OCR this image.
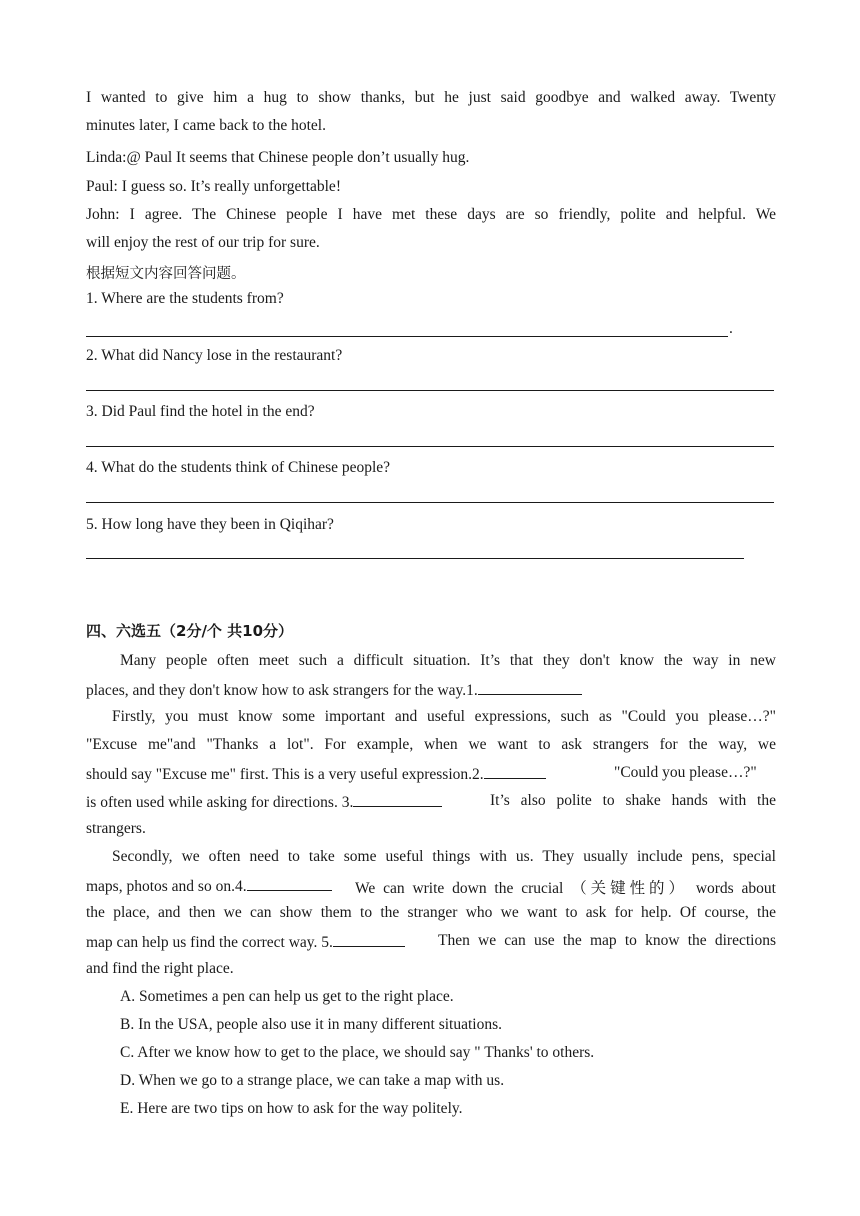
I wanted to give him a hug to show thanks, but he just said goodbye and walked away. Twenty
minutes later, I came back to the hotel.
Linda:@ Paul It seems that Chinese people don’t usually hug.
Paul: I guess so. It’s really unforgettable!
John: I agree. The Chinese people I have met these days are so friendly, polite and helpful. We
will enjoy the rest of our trip for sure.
根据短文内容回答问题。
1. Where are the students from?
.
2. What did Nancy lose in the restaurant?
3. Did Paul find the hotel in the end?
4. What do the students think of Chinese people?
5. How long have they been in Qiqihar?
四、六选五（2分/个 共10分）
Many people often meet such a difficult situation. It’s that they don't know the way in new
places, and they don't know how to ask strangers for the way.1.
Firstly, you must know some important and useful expressions, such as "Could you please…?"
"Excuse me"and "Thanks a lot". For example, when we want to ask strangers for the way, we
should say "Excuse me" first. This is a very useful expression.2.	"Could you please…?"
is often used while asking for directions. 3.	It’s also polite to shake hands with the
strangers.
Secondly, we often need to take some useful things with us. They usually include pens, special
maps, photos and so on.4.	We can write down the crucial （关键性的） words about
the place, and then we can show them to the stranger who we want to ask for help. Of course, the
map can help us find the correct way. 5.	Then we can use the map to know the directions
and find the right place.
A. Sometimes a pen can help us get to the right place.
B. In the USA, people also use it in many different situations.
C. After we know how to get to the place, we should say " Thanks' to others.
D. When we go to a strange place, we can take a map with us.
E. Here are two tips on how to ask for the way politely.
